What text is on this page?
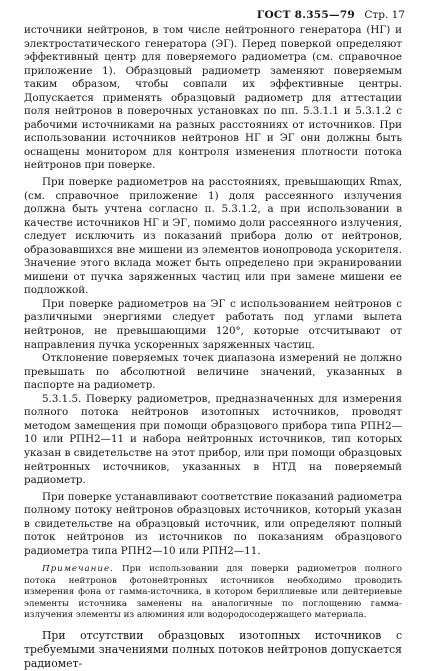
ГОСТ 8.355—79 Стр. 17

источники нейтронов, в том числе нейтронного генератора (НГ) и электростатического генератора (ЭГ). Перед поверкой определяют эффективный центр для поверяемого радиометра (см. справочное приложение 1). Образцовый радиометр заменяют поверяемым таким образом, чтобы совпали их эффективные центры. Допускается применять образцовый радиометр для аттестации поля нейтронов в поверочных установках по пп. 5.3.1.1 и 5.3.1.2 с рабочими источниками на разных расстояниях от источников. При использовании источников нейтронов НГ и ЭГ они должны быть оснащены монитором для контроля изменения плотности потока нейтронов при поверке.

При поверке радиометров на расстояниях, превышающих Rmax, (см. справочное приложение 1) доля рассеянного излучения должна быть учтена согласно п. 5.3.1.2, а при использовании в качестве источников НГ и ЭГ, помимо доли рассеянного излучения, следует исключить из показаний прибора долю от нейтронов, образовавшихся вне мишени из элементов ионопровода ускорителя. Значение этого вклада может быть определено при экранировании мишени от пучка заряженных частиц или при замене мишени ее подложкой.

При поверке радиометров на ЭГ с использованием нейтронов с различными энергиями следует работать под углами вылета нейтронов, не превышающими 120°, которые отсчитывают от направления пучка ускоренных заряженных частиц.

Отклонение поверяемых точек диапазона измерений не должно превышать по абсолютной величине значений, указанных в паспорте на радиометр.

5.3.1.5. Поверку радиометров, предназначенных для измерения полного потока нейтронов изотопных источников, проводят методом замещения при помощи образцового прибора типа РПН2—10 или РПН2—11 и набора нейтронных источников, тип которых указан в свидетельстве на этот прибор, или при помощи образцовых нейтронных источников, указанных в НТД на поверяемый радиометр.

При поверке устанавливают соответствие показаний радиометра полному потоку нейтронов образцовых источников, который указан в свидетельстве на образцовый источник, или определяют полный поток нейтронов из источников по показаниям образцового радиометра типа РПН2—10 или РПН2—11.

Примечание. При использовании для поверки радиометров полного потока нейтронов фотонейтронных источников необходимо проводить измерения фона от гамма-источника, в котором бериллиевые или дейтериевые элементы источника заменены на аналогичные по поглощению гамма-излучения элементы из алюминия или водородосодержащего материала.

При отсутствии образцовых изотопных источников с требуемыми значениями полных потоков нейтронов допускается радиомет-
